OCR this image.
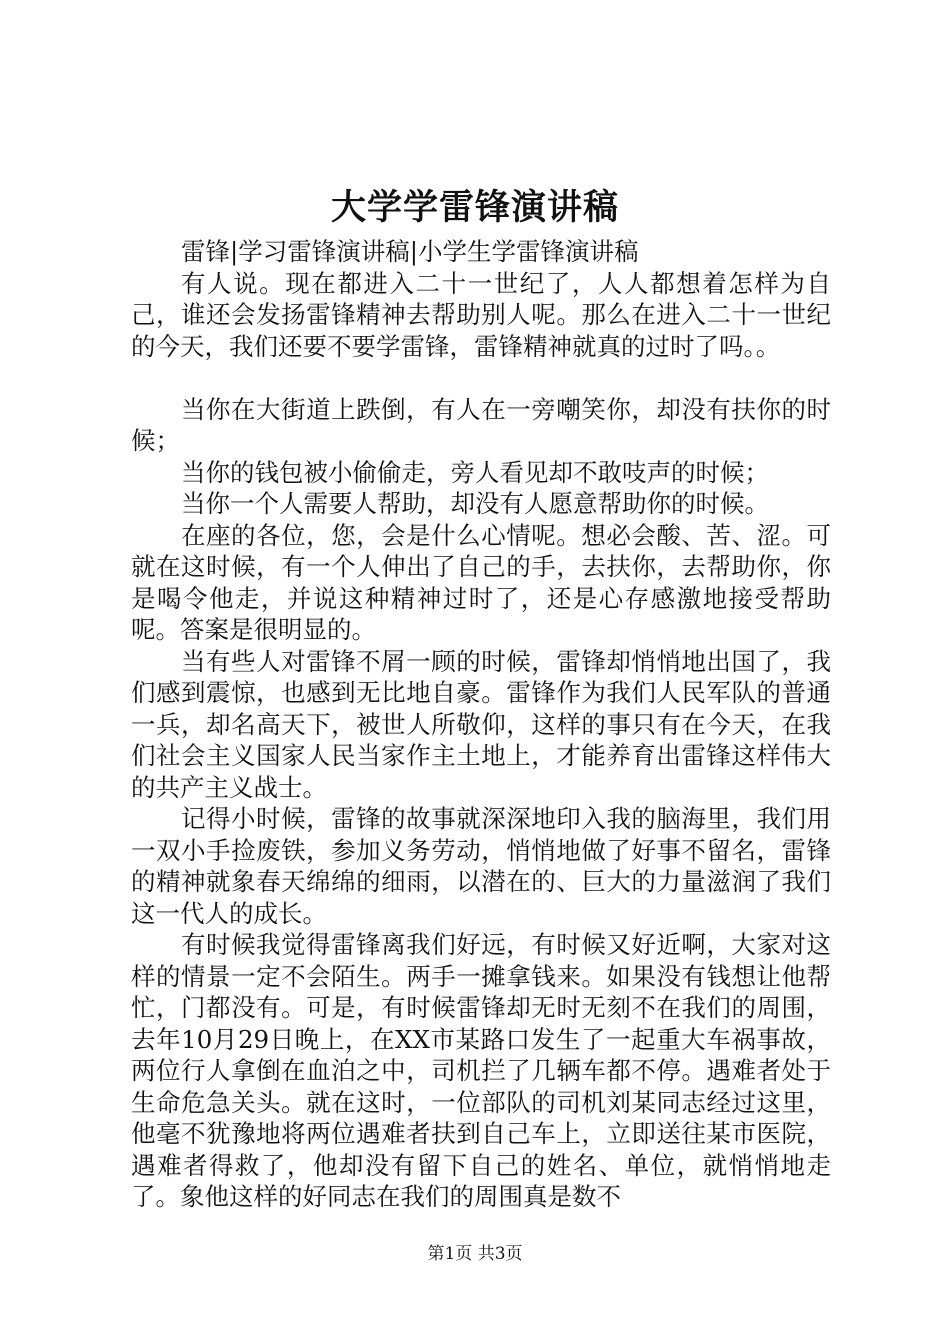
大学学雷锋演讲稿

雷锋|学习雷锋演讲稿|小学生学雷锋演讲稿

有人说。现在都进入二十一世纪了，人人都想着怎样为自己，谁还会发扬雷锋精神去帮助别人呢。那么在进入二十一世纪的今天，我们还要不要学雷锋，雷锋精神就真的过时了吗。。

当你在大街道上跌倒，有人在一旁嘲笑你，却没有扶你的时候；

当你的钱包被小偷偷走，旁人看见却不敢吱声的时候；

当你一个人需要人帮助，却没有人愿意帮助你的时候。

在座的各位，您，会是什么心情呢。想必会酸、苦、涩。可就在这时候，有一个人伸出了自己的手，去扶你，去帮助你，你是喝令他走，并说这种精神过时了，还是心存感激地接受帮助呢。答案是很明显的。

当有些人对雷锋不屑一顾的时候，雷锋却悄悄地出国了，我们感到震惊，也感到无比地自豪。雷锋作为我们人民军队的普通一兵，却名高天下，被世人所敬仰，这样的事只有在今天，在我们社会主义国家人民当家作主土地上，才能养育出雷锋这样伟大的共产主义战士。

记得小时候，雷锋的故事就深深地印入我的脑海里，我们用一双小手捡废铁，参加义务劳动，悄悄地做了好事不留名，雷锋的精神就象春天绵绵的细雨，以潜在的、巨大的力量滋润了我们这一代人的成长。

有时候我觉得雷锋离我们好远，有时候又好近啊，大家对这样的情景一定不会陌生。两手一摊拿钱来。如果没有钱想让他帮忙，门都没有。可是，有时候雷锋却无时无刻不在我们的周围，去年10月29日晚上，在XX市某路口发生了一起重大车祸事故，两位行人拿倒在血泊之中，司机拦了几辆车都不停。遇难者处于生命危急关头。就在这时，一位部队的司机刘某同志经过这里，他毫不犹豫地将两位遇难者扶到自己车上，立即送往某市医院，遇难者得救了，他却没有留下自己的姓名、单位，就悄悄地走了。象他这样的好同志在我们的周围真是数不

第1页 共3页
